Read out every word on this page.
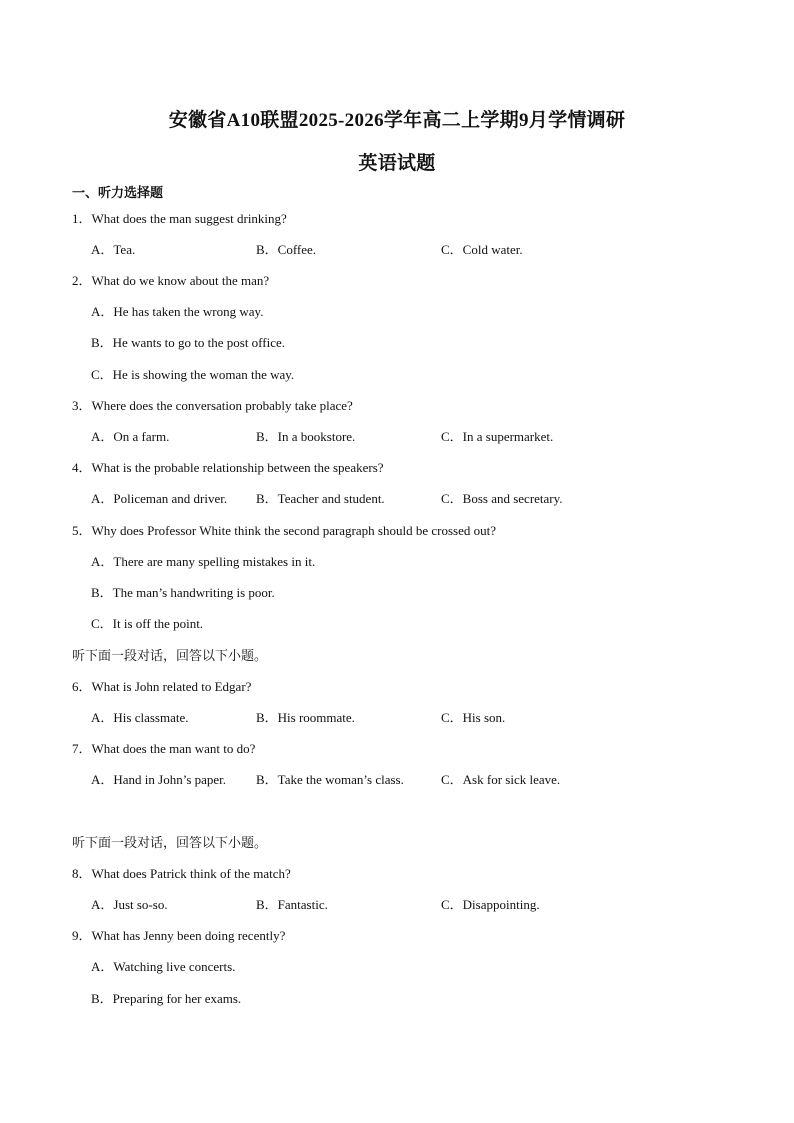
安徽省A10联盟2025-2026学年高二上学期9月学情调研
英语试题
一、听力选择题
1．What does the man suggest drinking?
A．Tea.	B．Coffee.	C．Cold water.
2．What do we know about the man?
A．He has taken the wrong way.
B．He wants to go to the post office.
C．He is showing the woman the way.
3．Where does the conversation probably take place?
A．On a farm.	B．In a bookstore.	C．In a supermarket.
4．What is the probable relationship between the speakers?
A．Policeman and driver. B．Teacher and student.	C．Boss and secretary.
5．Why does Professor White think the second paragraph should be crossed out?
A．There are many spelling mistakes in it.
B．The man’s handwriting is poor.
C．It is off the point.
听下面一段对话，回答以下小题。
6．What is John related to Edgar?
A．His classmate.	B．His roommate.	C．His son.
7．What does the man want to do?
A．Hand in John’s paper. B．Take the woman’s class.	C．Ask for sick leave.
听下面一段对话，回答以下小题。
8．What does Patrick think of the match?
A．Just so-so.	B．Fantastic.	C．Disappointing.
9．What has Jenny been doing recently?
A．Watching live concerts.
B．Preparing for her exams.
